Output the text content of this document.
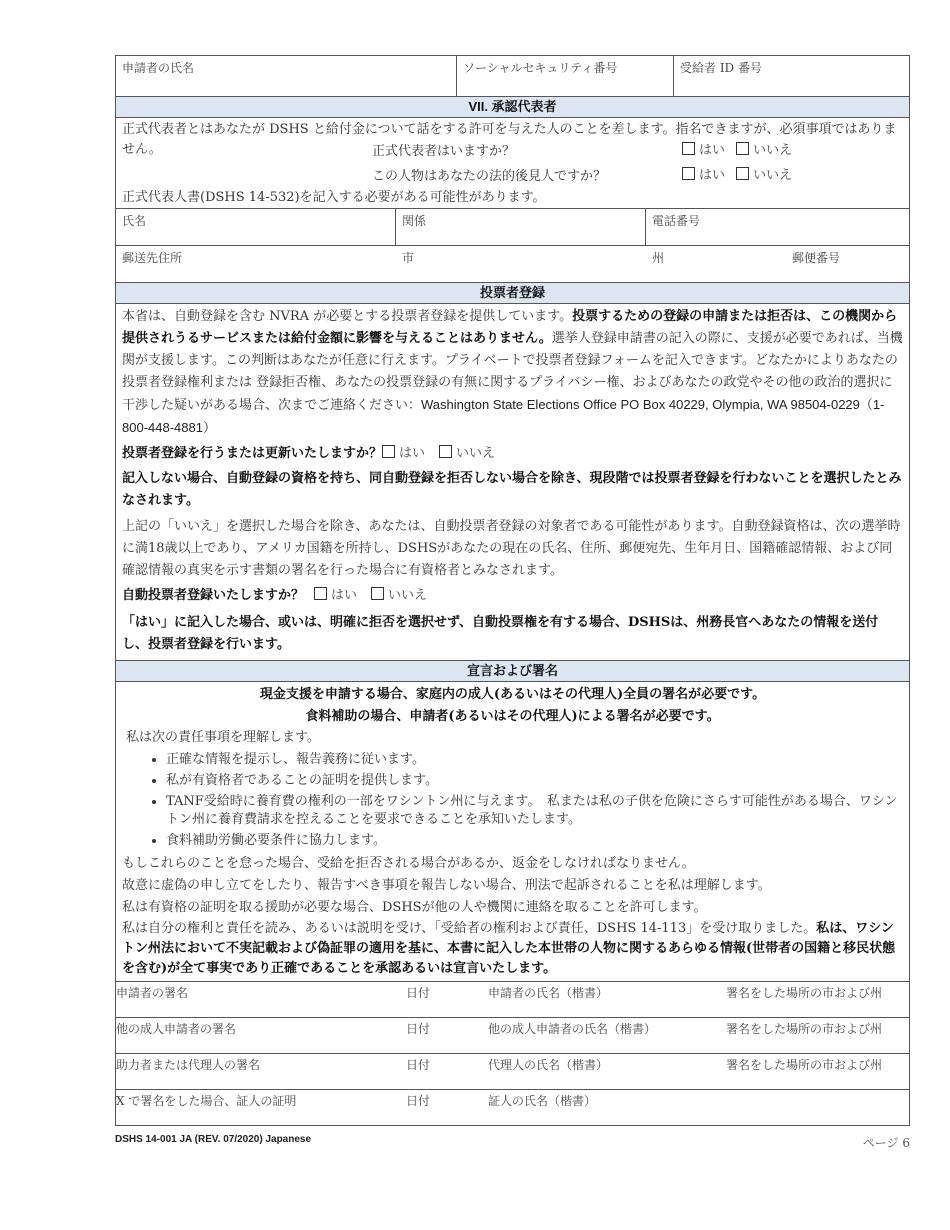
申請者の氏名	ソーシャルセキュリティ番号	受給者 ID 番号
VII. 承認代表者
正式代表者とはあなたが DSHS と給付金について話をする許可を与えた人のことを差します。指名できますが、必須事項ではありません。	正式代表者はいますか？	はい いいえ
この人物はあなたの法的後見人ですか？	はい いいえ
正式代表人書(DSHS 14-532)を記入する必要がある可能性があります。
氏名	関係	電話番号
郵送先住所	市	州	郵便番号
投票者登録
本省は、自動登録を含む NVRA が必要とする投票者登録を提供しています。投票するための登録の申請または拒否は、この機関から提供されうるサービスまたは給付金額に影響を与えることはありません。選挙人登録申請書の記入の際に、支援が必要であれば、当機関が支援します。この判断はあなたが任意に行えます。プライベートで投票者登録フォームを記入できます。どなたかによりあなたの投票者登録権利または 登録拒否権、あなたの投票登録の有無に関するプライバシー権、およびあなたの政党やその他の政治的選択に干渉した疑いがある場合、次までご連絡ください：Washington State Elections Office PO Box 40229, Olympia, WA 98504-0229（1-800-448-4881）
投票者登録を行うまたは更新いたしますか？ はい いいえ
記入しない場合、自動登録の資格を持ち、同自動登録を拒否しない場合を除き、現段階では投票者登録を行わないことを選択したとみなされます。
上記の「いいえ」を選択した場合を除き、あなたは、自動投票者登録の対象者である可能性があります。自動登録資格は、次の選挙時に満18歳以上であり、アメリカ国籍を所持し、DSHSがあなたの現在の氏名、住所、郵便宛先、生年月日、国籍確認情報、および同確認情報の真実を示す書類の署名を行った場合に有資格者とみなされます。
自動投票者登録いたしますか？ はい いいえ
「はい」に記入した場合、或いは、明確に拒否を選択せず、自動投票権を有する場合、DSHSは、州務長官へあなたの情報を送付し、投票者登録を行います。
宣言および署名
現金支援を申請する場合、家庭内の成人(あるいはその代理人)全員の署名が必要です。
食料補助の場合、申請者(あるいはその代理人)による署名が必要です。
私は次の責任事項を理解します。
• 正確な情報を提示し、報告義務に従います。
• 私が有資格者であることの証明を提供します。
• TANF受給時に養育費の権利の一部をワシントン州に与えます。　私または私の子供を危険にさらす可能性がある場合、ワシントン州に養育費請求を控えることを要求できることを承知いたします。
• 食料補助労働必要条件に協力します。
もしこれらのことを怠った場合、受給を拒否される場合があるか、返金をしなければなりません。
故意に虚偽の申し立てをしたり、報告すべき事項を報告しない場合、刑法で起訴されることを私は理解します。
私は有資格の証明を取る援助が必要な場合、DSHSが他の人や機関に連絡を取ることを許可します。
私は自分の権利と責任を読み、あるいは説明を受け、「受給者の権利および責任、DSHS 14-113」を受け取りました。私は、ワシントン州法において不実記載および偽証罪の適用を基に、本書に記入した本世帯の人物に関するあらゆる情報(世帯者の国籍と移民状態を含む)が全て事実であり正確であることを承認あるいは宣言いたします。
申請者の署名	日付	申請者の氏名（楷書）	署名をした場所の市および州
他の成人申請者の署名	日付	他の成人申請者の氏名（楷書）	署名をした場所の市および州
助力者または代理人の署名	日付	代理人の氏名（楷書）	署名をした場所の市および州
X で署名をした場合、証人の証明	日付	証人の氏名（楷書）
DSHS 14-001 JA (REV. 07/2020) Japanese	ページ 6
